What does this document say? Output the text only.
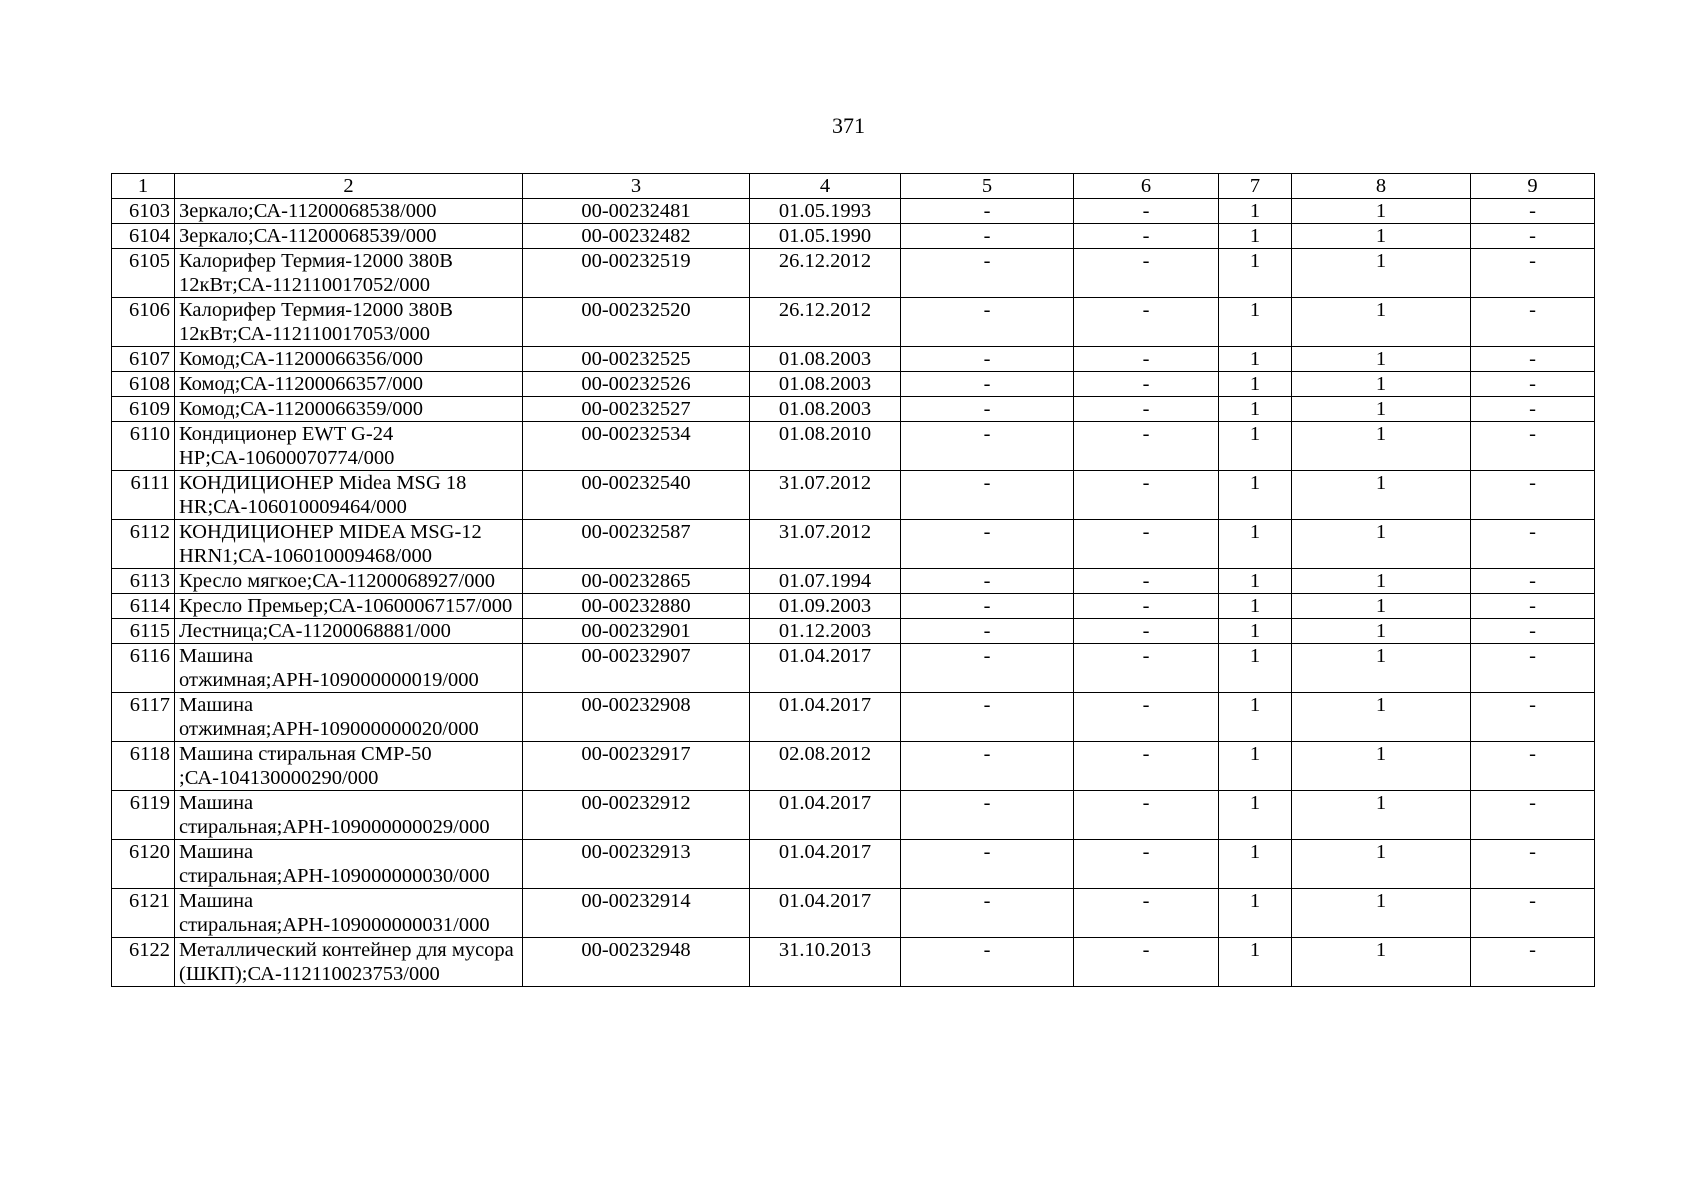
371
1	2	3	4	5	6	7	8	9
6103	Зеркало;СА-11200068538/000	00-00232481	01.05.1993	-	-	1	1	-
6104	Зеркало;СА-11200068539/000	00-00232482	01.05.1990	-	-	1	1	-
6105	Калорифер Термия-12000 380В 12кВт;СА-112110017052/000	00-00232519	26.12.2012	-	-	1	1	-
6106	Калорифер Термия-12000 380В 12кВт;СА-112110017053/000	00-00232520	26.12.2012	-	-	1	1	-
6107	Комод;СА-11200066356/000	00-00232525	01.08.2003	-	-	1	1	-
6108	Комод;СА-11200066357/000	00-00232526	01.08.2003	-	-	1	1	-
6109	Комод;СА-11200066359/000	00-00232527	01.08.2003	-	-	1	1	-
6110	Кондиционер EWT G-24 HP;СА-10600070774/000	00-00232534	01.08.2010	-	-	1	1	-
6111	КОНДИЦИОНЕР Midea MSG 18 HR;СА-106010009464/000	00-00232540	31.07.2012	-	-	1	1	-
6112	КОНДИЦИОНЕР MIDEA MSG-12 HRN1;СА-106010009468/000	00-00232587	31.07.2012	-	-	1	1	-
6113	Кресло мягкое;СА-11200068927/000	00-00232865	01.07.1994	-	-	1	1	-
6114	Кресло Премьер;СА-10600067157/000	00-00232880	01.09.2003	-	-	1	1	-
6115	Лестница;СА-11200068881/000	00-00232901	01.12.2003	-	-	1	1	-
6116	Машина отжимная;АРН-109000000019/000	00-00232907	01.04.2017	-	-	1	1	-
6117	Машина отжимная;АРН-109000000020/000	00-00232908	01.04.2017	-	-	1	1	-
6118	Машина стиральная СМР-50 ;СА-104130000290/000	00-00232917	02.08.2012	-	-	1	1	-
6119	Машина стиральная;АРН-109000000029/000	00-00232912	01.04.2017	-	-	1	1	-
6120	Машина стиральная;АРН-109000000030/000	00-00232913	01.04.2017	-	-	1	1	-
6121	Машина стиральная;АРН-109000000031/000	00-00232914	01.04.2017	-	-	1	1	-
6122	Металлический контейнер для мусора (ШКП);СА-112110023753/000	00-00232948	31.10.2013	-	-	1	1	-
